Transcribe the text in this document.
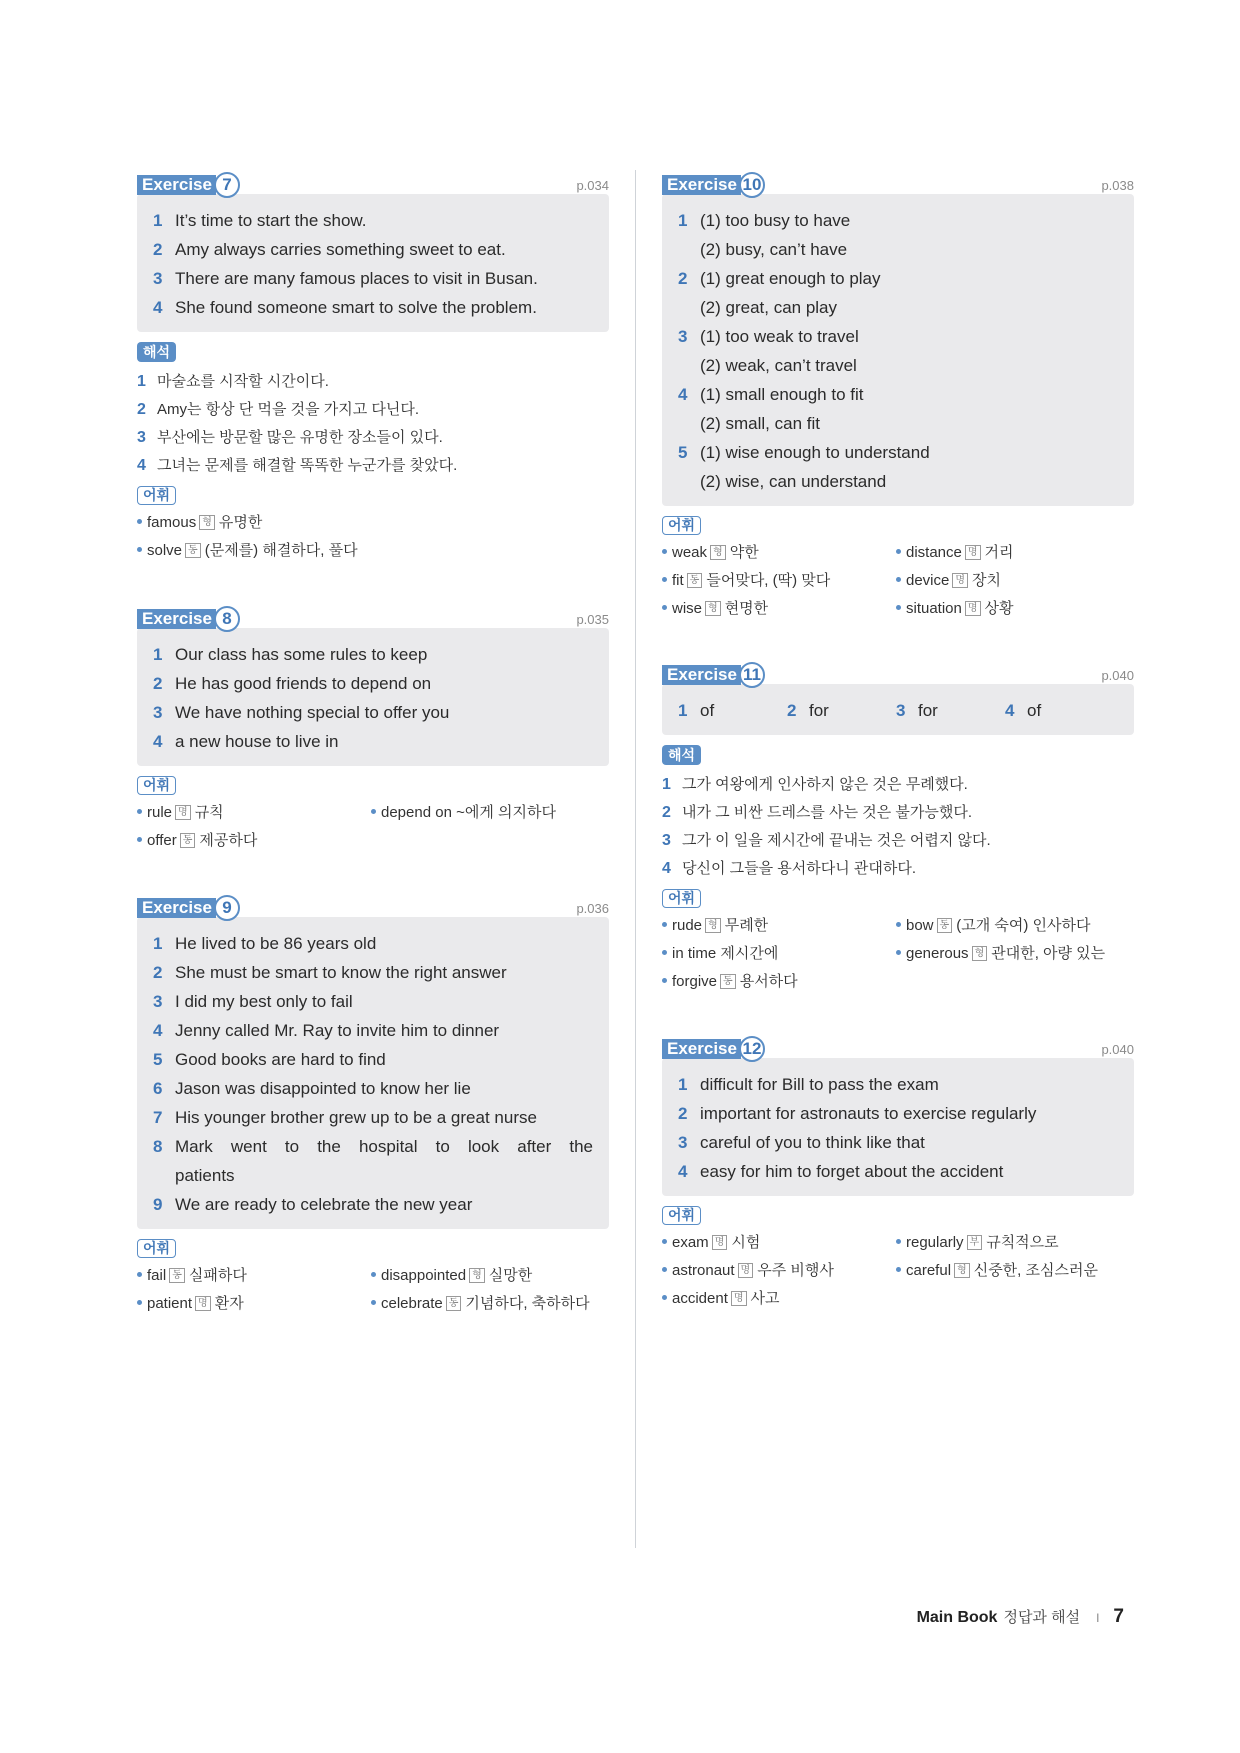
Exercise 7	p.034
1 It’s time to start the show.
2 Amy always carries something sweet to eat.
3 There are many famous places to visit in Busan.
4 She found someone smart to solve the problem.
해석
1 마술쇼를 시작할 시간이다.
2 Amy는 항상 단 먹을 것을 가지고 다닌다.
3 부산에는 방문할 많은 유명한 장소들이 있다.
4 그녀는 문제를 해결할 똑똑한 누군가를 찾았다.
어휘
famous 형 유명한
solve 동 (문제를) 해결하다, 풀다
Exercise 8	p.035
1 Our class has some rules to keep
2 He has good friends to depend on
3 We have nothing special to offer you
4 a new house to live in
어휘
rule 명 규칙	depend on ~에게 의지하다
offer 동 제공하다
Exercise 9	p.036
1 He lived to be 86 years old
2 She must be smart to know the right answer
3 I did my best only to fail
4 Jenny called Mr. Ray to invite him to dinner
5 Good books are hard to find
6 Jason was disappointed to know her lie
7 His younger brother grew up to be a great nurse
8 Mark went to the hospital to look after the
patients
9 We are ready to celebrate the new year
어휘
fail 동 실패하다	disappointed 형 실망한
patient 명 환자	celebrate 동 기념하다, 축하하다
Exercise 10	p.038
1 (1) too busy to have
(2) busy, can’t have
2 (1) great enough to play
(2) great, can play
3 (1) too weak to travel
(2) weak, can’t travel
4 (1) small enough to fit
(2) small, can fit
5 (1) wise enough to understand
(2) wise, can understand
어휘
weak 형 약한	distance 명 거리
fit 동 들어맞다, (딱) 맞다	device 명 장치
wise 형 현명한	situation 명 상황
Exercise 11	p.040
1 of	2 for	3 for	4 of
해석
1 그가 여왕에게 인사하지 않은 것은 무례했다.
2 내가 그 비싼 드레스를 사는 것은 불가능했다.
3 그가 이 일을 제시간에 끝내는 것은 어렵지 않다.
4 당신이 그들을 용서하다니 관대하다.
어휘
rude 형 무례한	bow 동 (고개 숙여) 인사하다
in time 제시간에	generous 형 관대한, 아량 있는
forgive 동 용서하다
Exercise 12	p.040
1 difficult for Bill to pass the exam
2 important for astronauts to exercise regularly
3 careful of you to think like that
4 easy for him to forget about the accident
어휘
exam 명 시험	regularly 부 규칙적으로
astronaut 명 우주 비행사	careful 형 신중한, 조심스러운
accident 명 사고
Main Book 정답과 해설 I 7
